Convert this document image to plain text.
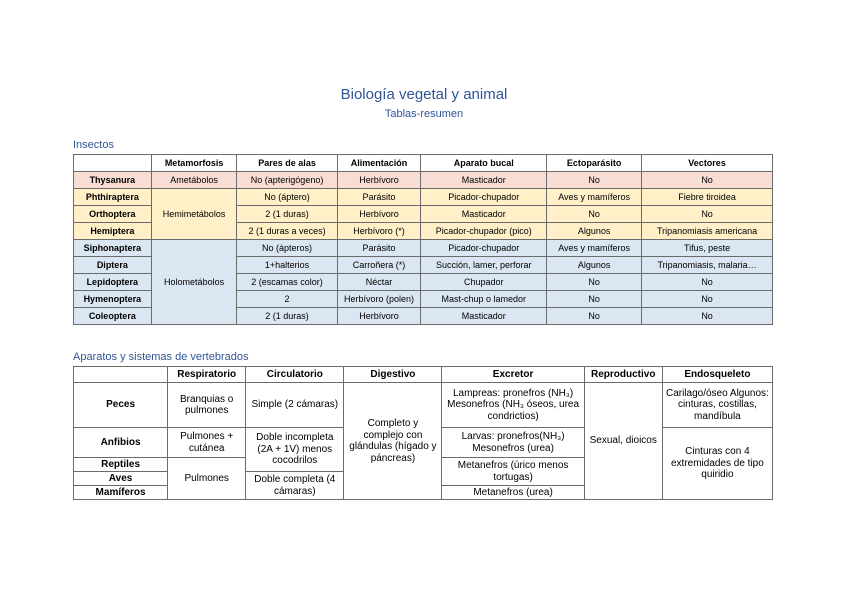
Biología vegetal y animal
Tablas-resumen
Insectos
	Metamorfosis	Pares de alas	Alimentación	Aparato bucal	Ectoparásito	Vectores
Thysanura	Ametábolos	No (apterigógeno)	Herbívoro	Masticador	No	No
Phthiraptera	Hemimetábolos	No (áptero)	Parásito	Picador-chupador	Aves y mamíferos	Fiebre tiroidea
Orthoptera		2 (1 duras)	Herbívoro	Masticador	No	No
Hemiptera		2 (1 duras a veces)	Herbívoro (*)	Picador-chupador (pico)	Algunos	Tripanomiasis americana
Siphonaptera	Holometábolos	No (ápteros)	Parásito	Picador-chupador	Aves y mamíferos	Tifus, peste
Diptera		1+halterios	Carroñera (*)	Succión, lamer, perforar	Algunos	Tripanomiasis, malaria…
Lepidoptera		2 (escamas color)	Néctar	Chupador	No	No
Hymenoptera		2	Herbívoro (polen)	Mast-chup o lamedor	No	No
Coleoptera		2 (1 duras)	Herbívoro	Masticador	No	No
Aparatos y sistemas de vertebrados
	Respiratorio	Circulatorio	Digestivo	Excretor	Reproductivo	Endosqueleto
Peces	Branquias o pulmones	Simple (2 cámaras)	Completo y complejo con glándulas (hígado y páncreas)	Lampreas: pronefros (NH₃) Mesonefros (NH₃ óseos, urea condrictios)	Sexual, dioicos	Carilago/óseo Algunos: cinturas, costillas, mandíbula
Anfibios	Pulmones + cutánea	Doble incompleta (2A + 1V) menos cocodrilos		Larvas: pronefros(NH₃) Mesonefros (urea)		Cinturas con 4 extremidades de tipo quiridio
Reptiles	Pulmones			Metanefros (úrico menos tortugas)		
Aves		Doble completa (4 cámaras)				
Mamíferos				Metanefros (urea)		
